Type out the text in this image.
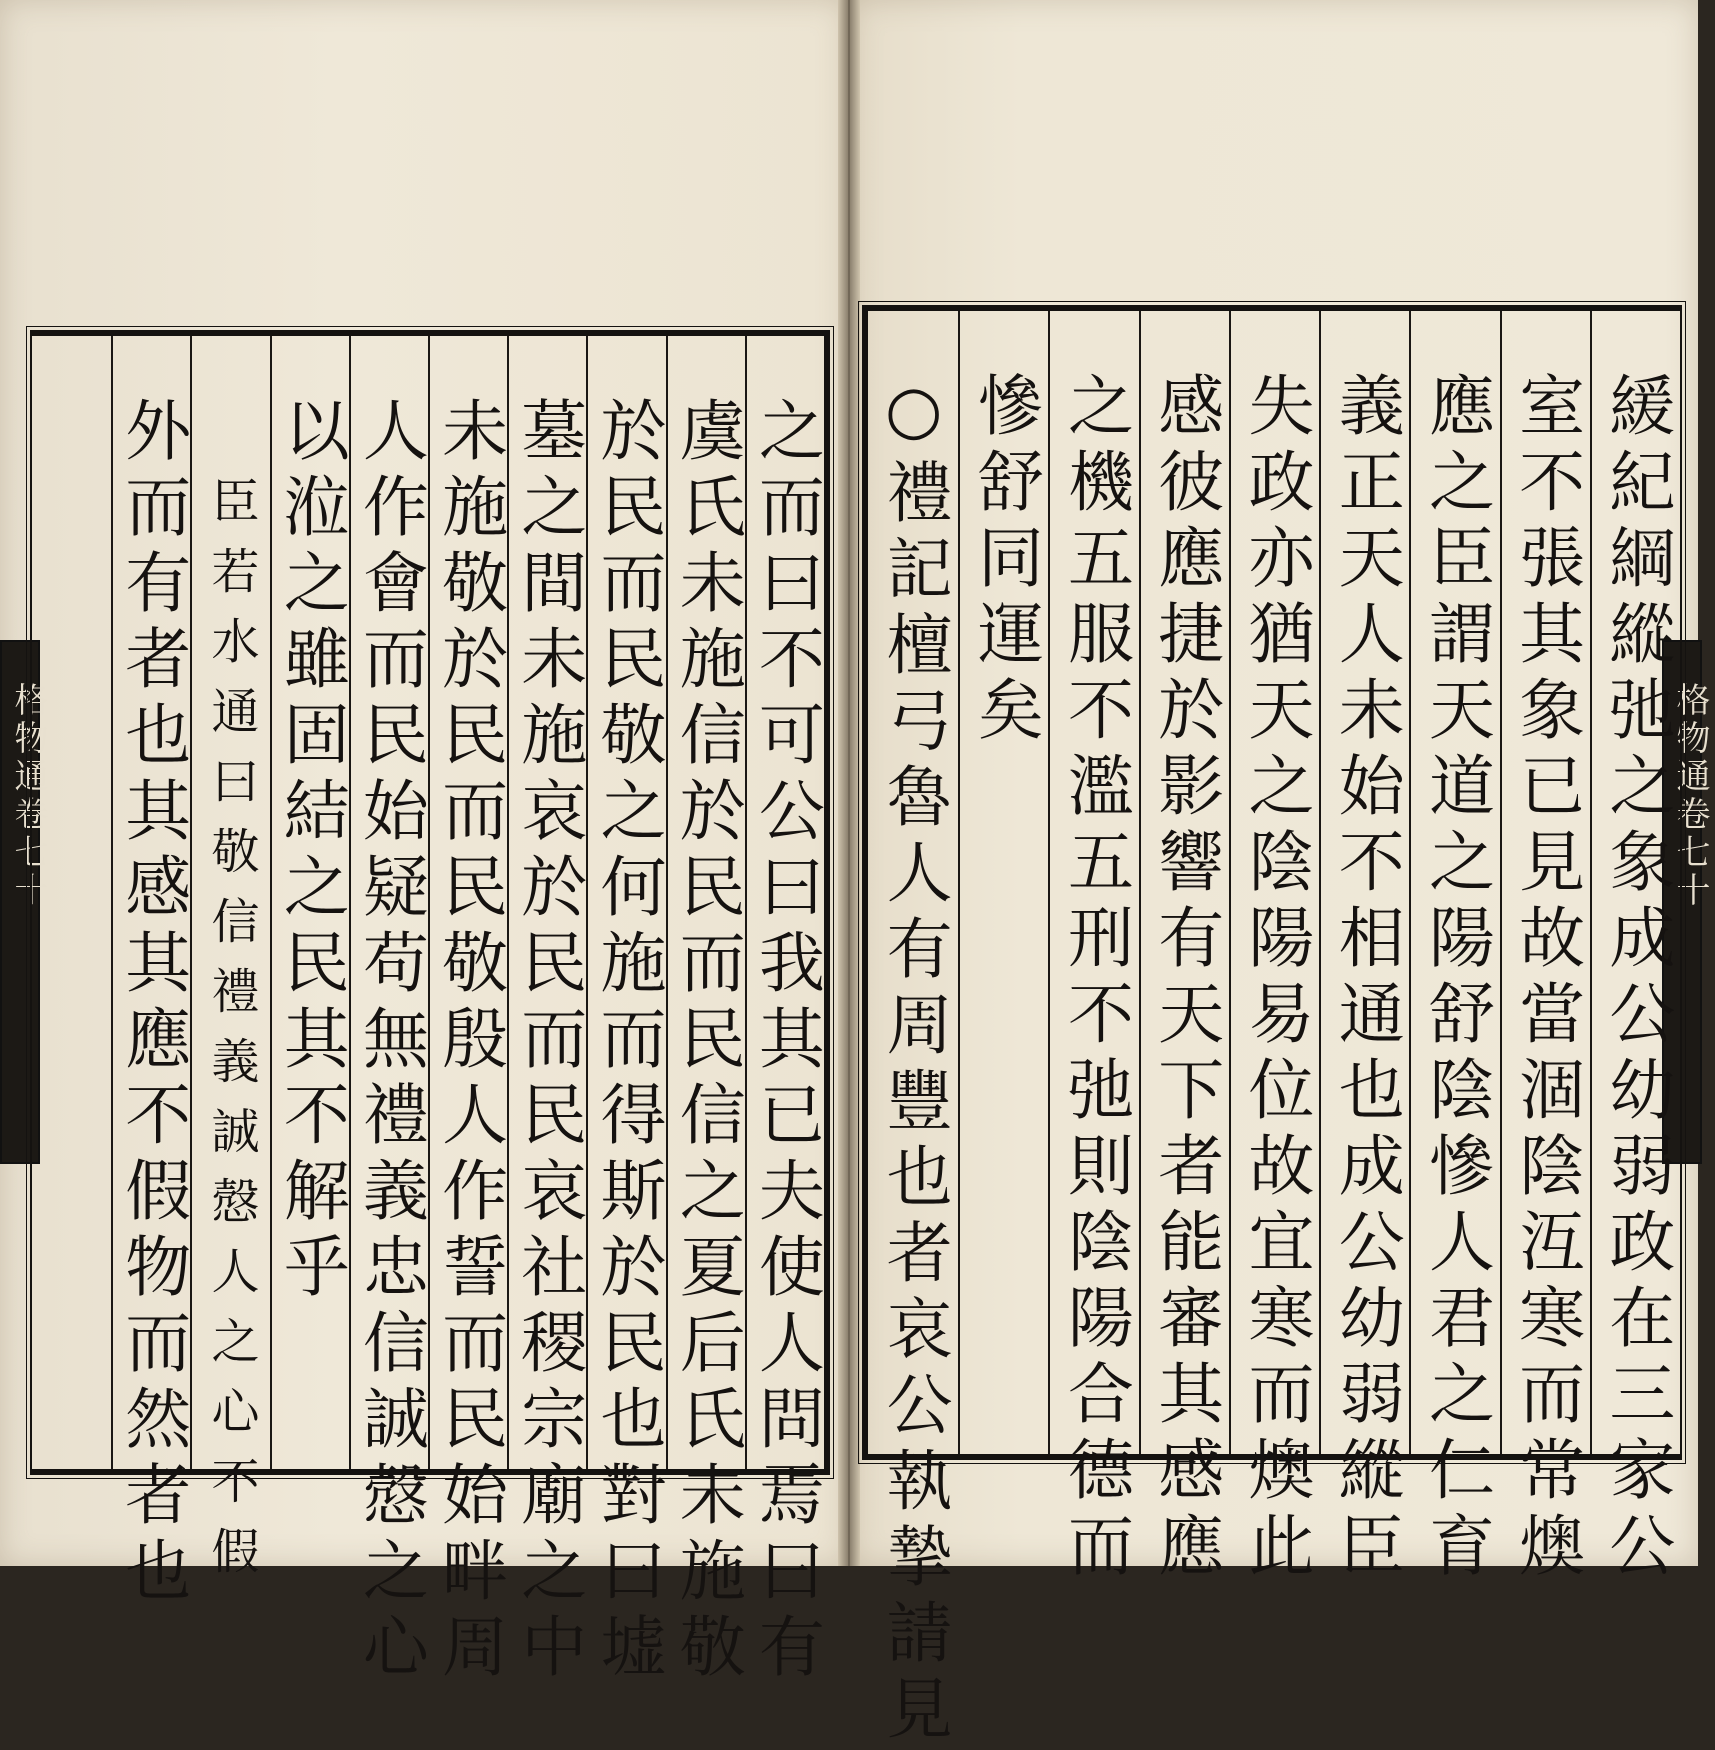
格物通卷七十	格物通卷七十
之而曰不可公曰我其已夫使人問焉曰有
虞氏未施信於民而民信之夏后氏未施敬
於民而民敬之何施而得斯於民也對曰墟
墓之間未施哀於民而民哀社稷宗廟之中
未施敬於民而民敬殷人作誓而民始畔周
人作會而民始疑苟無禮義忠信誠慤之心
以涖之雖固結之民其不解乎
臣若水通曰敬信禮義誠慤人之心不假
外而有者也其感其應不假物而然者也	緩紀綱縱弛之象成公幼弱政在三家公
室不張其象已見故當涸陰沍寒而常燠
應之臣謂天道之陽舒陰慘人君之仁育
義正天人未始不相通也成公幼弱縱臣
失政亦猶天之陰陽易位故宜寒而燠此
感彼應捷於影響有天下者能審其感應
之機五服不濫五刑不弛則陰陽合德而
慘舒同運矣
○禮記檀弓魯人有周豐也者哀公執摯請見
